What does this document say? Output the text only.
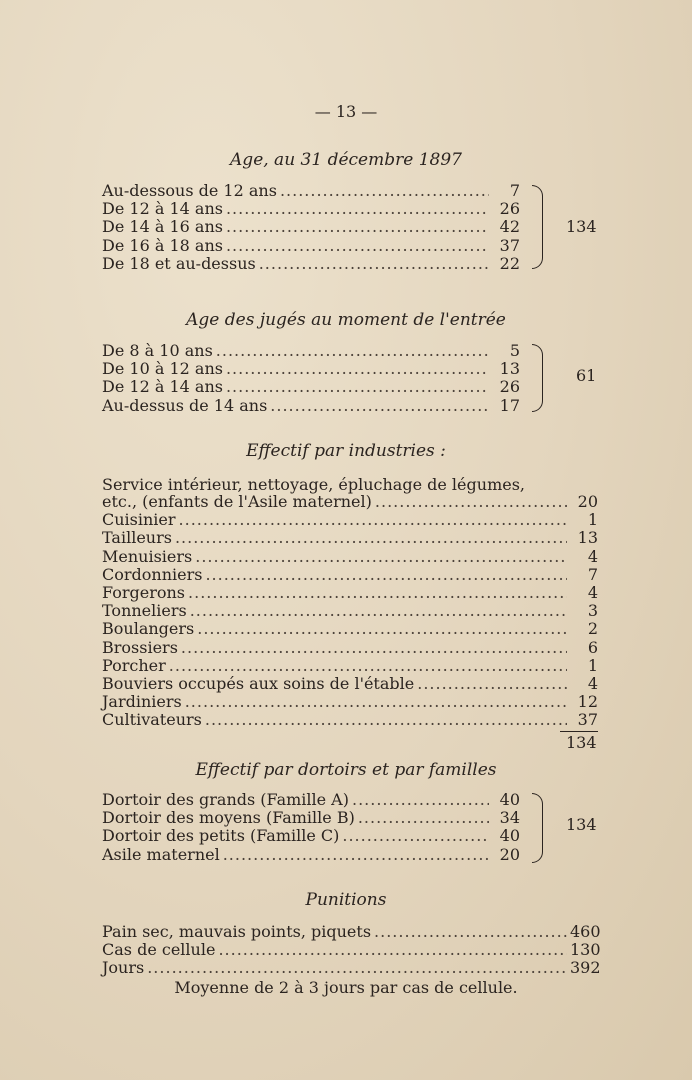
— 13 —
Age, au 31 décembre 1897
Au-dessous de 12 ans .....	7
De 12 à 14 ans .....	26
De 14 à 16 ans .....	42
De 16 à 18 ans .....	37
De 18 et au-dessus .....	22
134
Age des jugés au moment de l'entrée
De 8 à 10 ans .....	5
De 10 à 12 ans .....	13
De 12 à 14 ans .....	26
Au-dessus de 14 ans .....	17
61
Effectif par industries :
Service intérieur, nettoyage, épluchage de légumes,
etc., (enfants de l'Asile maternel) .....	20
Cuisinier .....	1
Tailleurs .....	13
Menuisiers .....	4
Cordonniers .....	7
Forgerons .....	4
Tonneliers .....	3
Boulangers .....	2
Brossiers .....	6
Porcher .....	1
Bouviers occupés aux soins de l'étable .....	4
Jardiniers .....	12
Cultivateurs .....	37
134
Effectif par dortoirs et par familles
Dortoir des grands (Famille A) .....	40
Dortoir des moyens (Famille B) .....	34
Dortoir des petits (Famille C) .....	40
Asile maternel .....	20
134
Punitions
Pain sec, mauvais points, piquets .....	460
Cas de cellule .....	130
Jours .....	392
Moyenne de 2 à 3 jours par cas de cellule.
